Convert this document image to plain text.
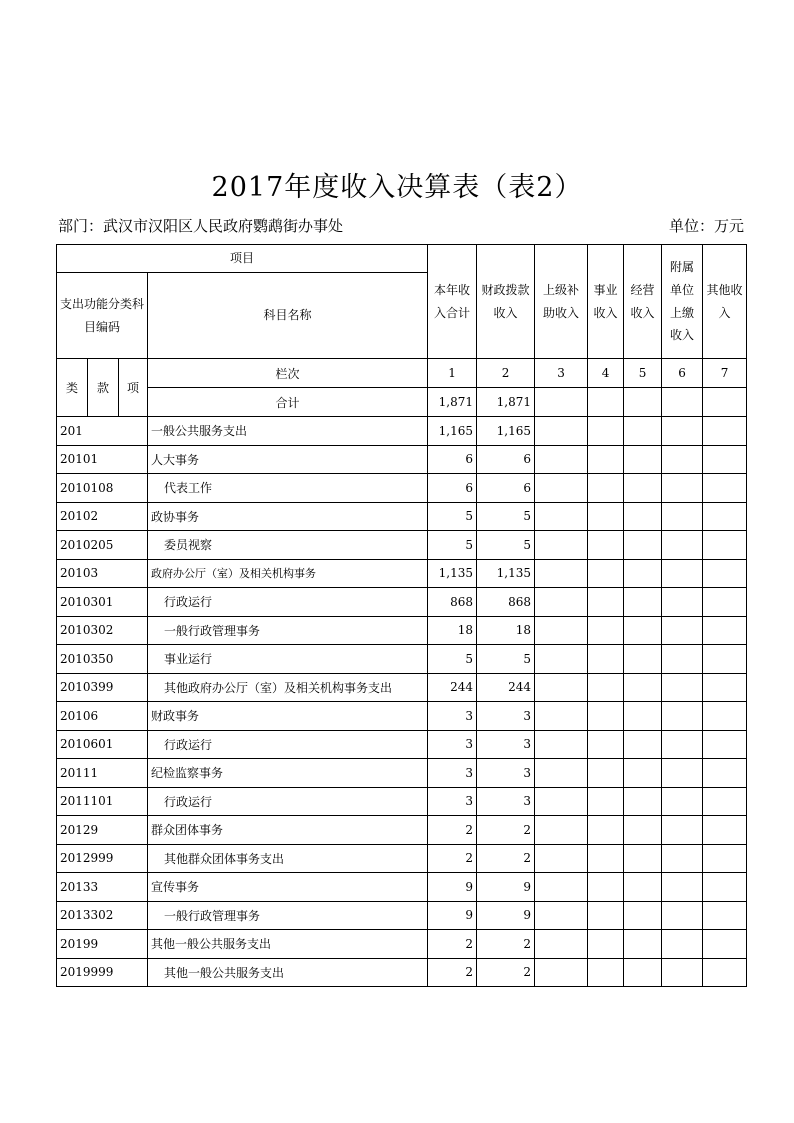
2017年度收入决算表（表2）
部门：武汉市汉阳区人民政府鹦鹉街办事处	单位：万元
项目				本年收入合计	财政拨款收入	上级补助收入	事业收入	经营收入	附属单位上缴收入	其他收入
支出功能分类科目编码			科目名称							
类	款	项	栏次	1	2	3	4	5	6	7
			合计	1,871	1,871					
201			一般公共服务支出	1,165	1,165					
20101			人大事务	6	6					
2010108			代表工作	6	6					
20102			政协事务	5	5					
2010205			委员视察	5	5					
20103			政府办公厅（室）及相关机构事务	1,135	1,135					
2010301			行政运行	868	868					
2010302			一般行政管理事务	18	18					
2010350			事业运行	5	5					
2010399			其他政府办公厅（室）及相关机构事务支出	244	244					
20106			财政事务	3	3					
2010601			行政运行	3	3					
20111			纪检监察事务	3	3					
2011101			行政运行	3	3					
20129			群众团体事务	2	2					
2012999			其他群众团体事务支出	2	2					
20133			宣传事务	9	9					
2013302			一般行政管理事务	9	9					
20199			其他一般公共服务支出	2	2					
2019999			其他一般公共服务支出	2	2					
